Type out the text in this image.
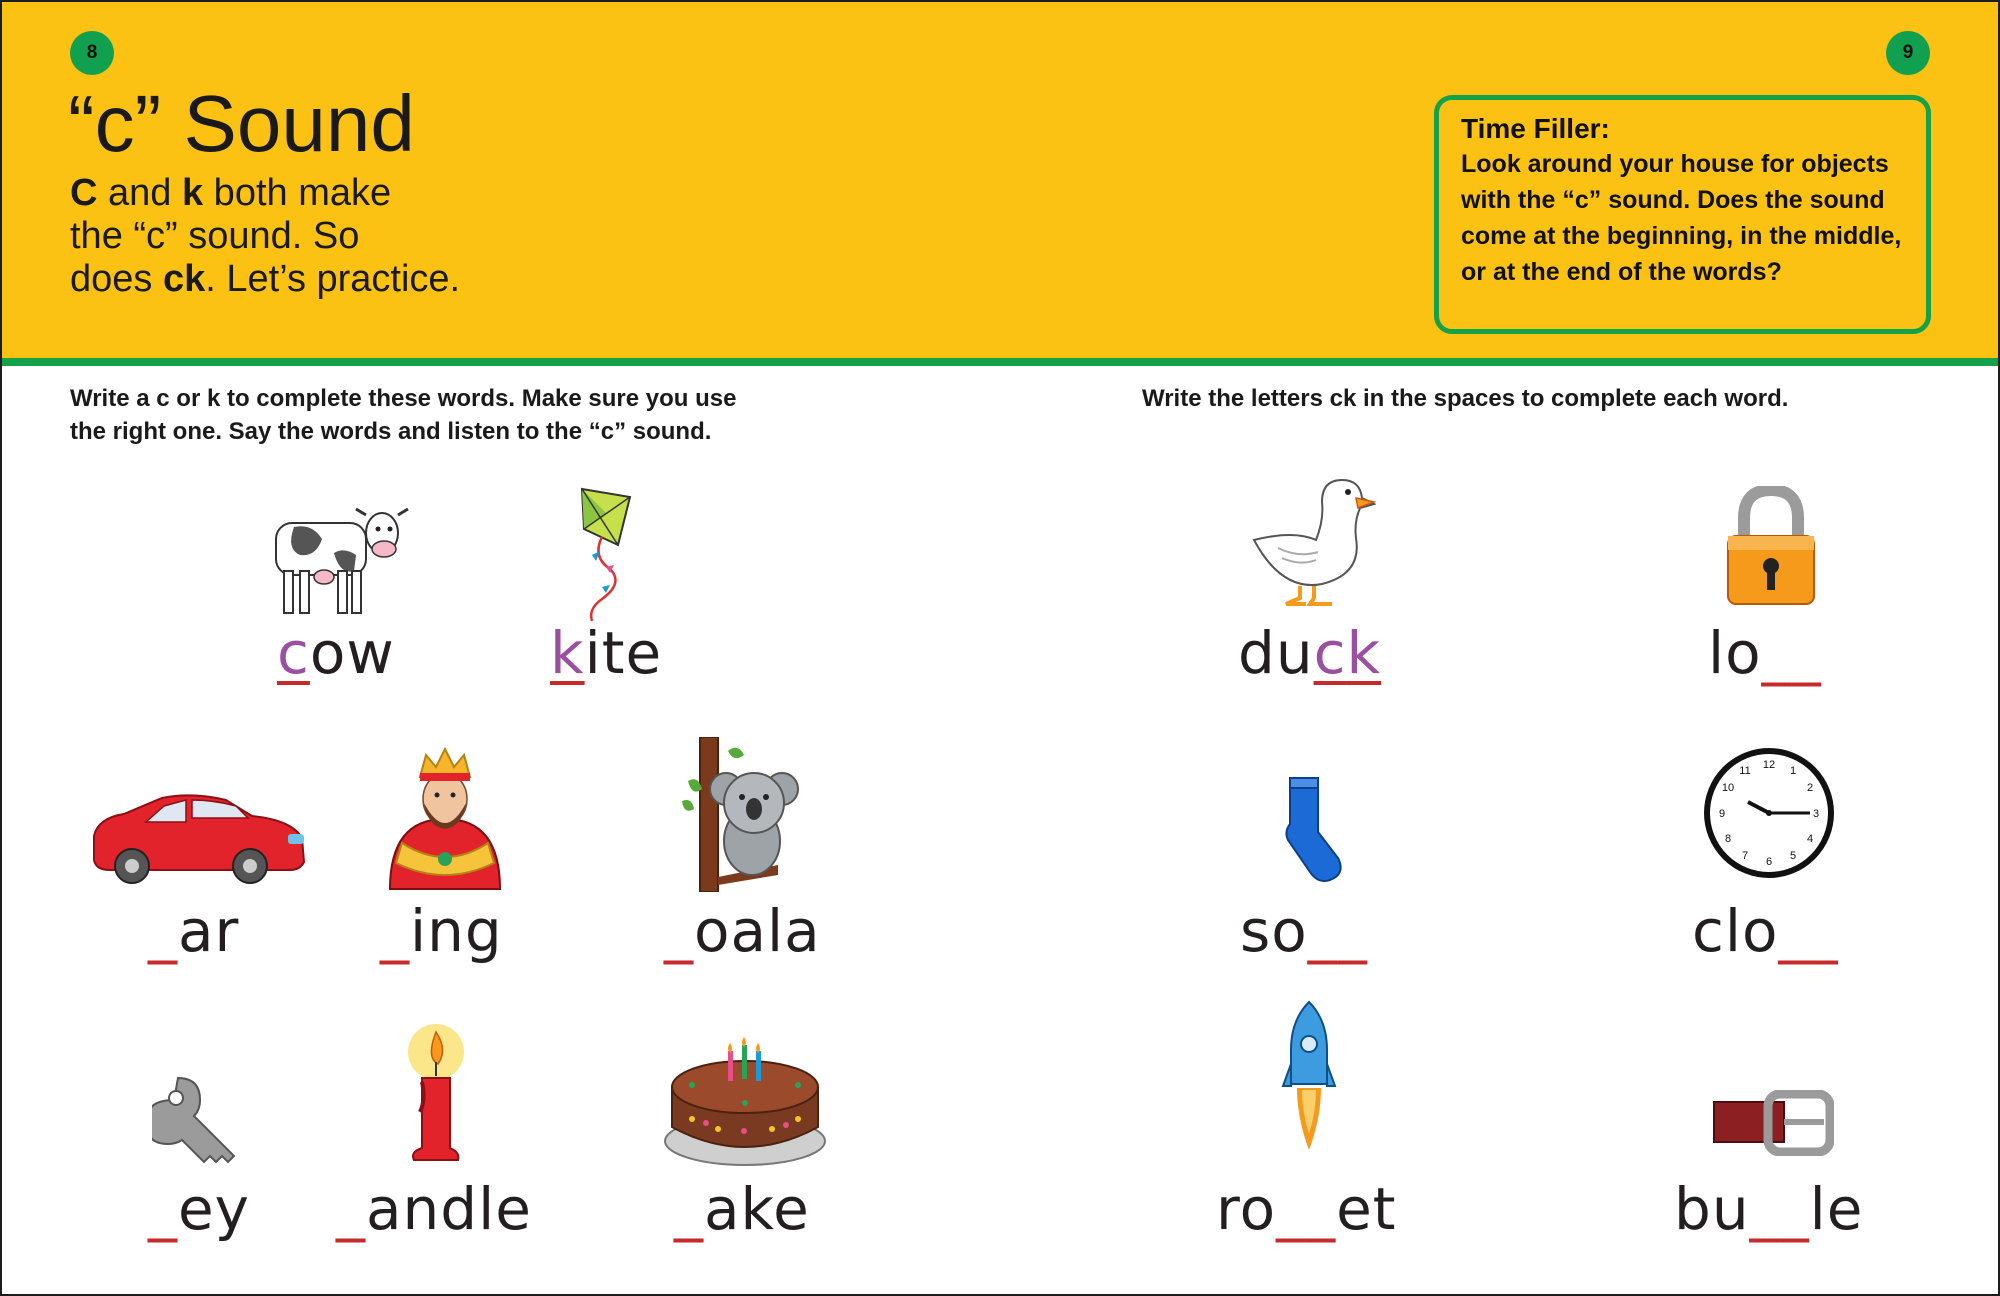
8	9
“c” Sound
C and k both make
the “c” sound. So
does ck. Let’s practice.
Time Filler:
Look around your house for objects
with the “c” sound. Does the sound
come at the beginning, in the middle,
or at the end of the words?
Write a c or k to complete these words. Make sure you use
the right one. Say the words and listen to the “c” sound.
Write the letters ck in the spaces to complete each word.
cow	kite
_ar _ing	_oala
_ey _andle _ake
duck	lo__
so__
12 1
2
3
4
5
6
7
8
9
10
11
clo__
ro__et	bu__le
